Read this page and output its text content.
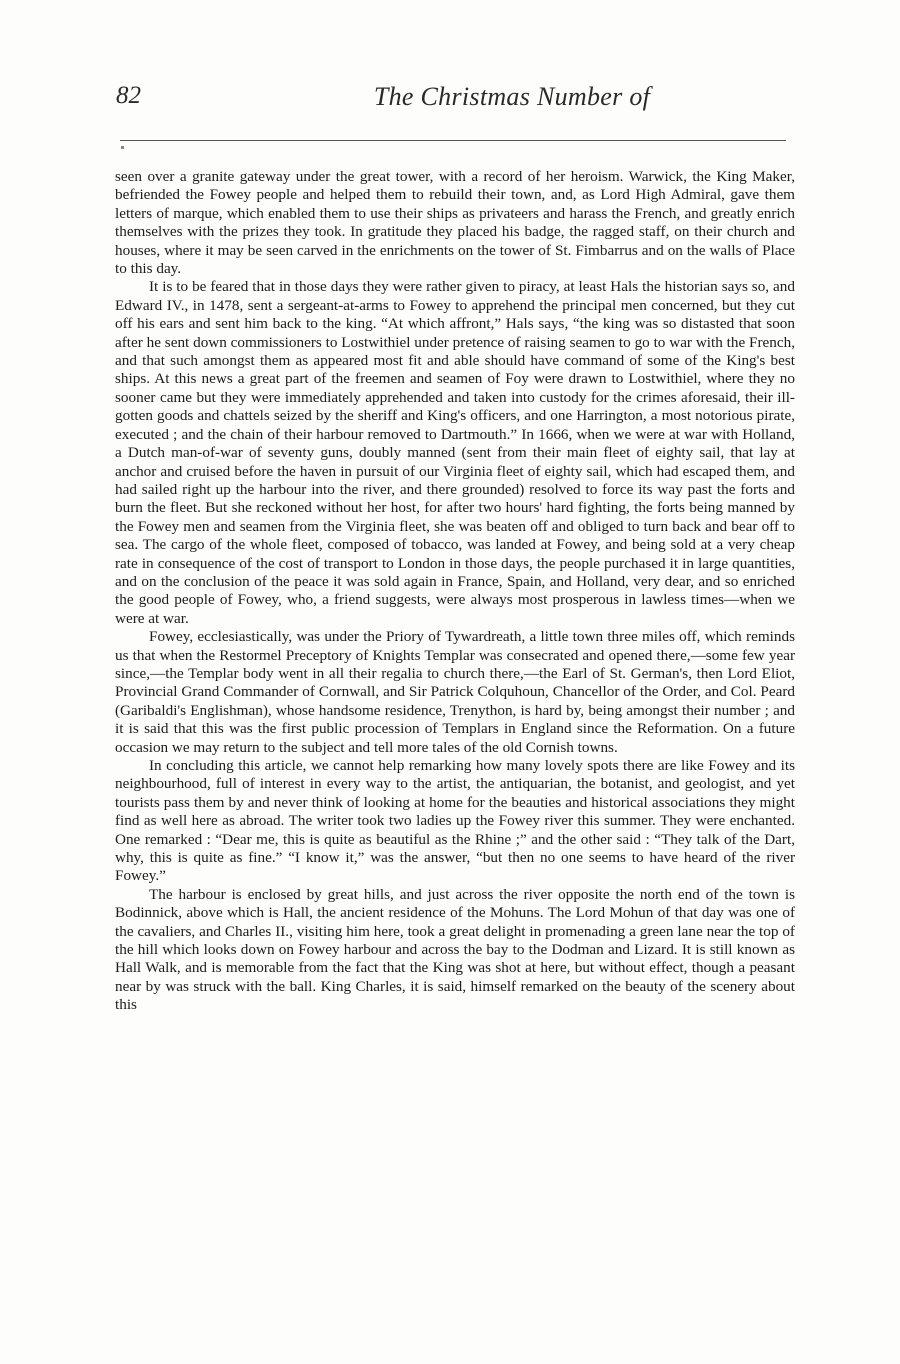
82	The Christmas Number of

seen over a granite gateway under the great tower, with a record of her heroism. Warwick, the King Maker, befriended the Fowey people and helped them to rebuild their town, and, as Lord High Admiral, gave them letters of marque, which enabled them to use their ships as privateers and harass the French, and greatly enrich themselves with the prizes they took. In gratitude they placed his badge, the ragged staff, on their church and houses, where it may be seen carved in the enrichments on the tower of St. Fimbarrus and on the walls of Place to this day.

It is to be feared that in those days they were rather given to piracy, at least Hals the historian says so, and Edward IV., in 1478, sent a sergeant-at-arms to Fowey to apprehend the principal men concerned, but they cut off his ears and sent him back to the king. “At which affront,” Hals says, “the king was so distasted that soon after he sent down commissioners to Lostwithiel under pretence of raising seamen to go to war with the French, and that such amongst them as appeared most fit and able should have command of some of the King's best ships. At this news a great part of the freemen and seamen of Foy were drawn to Lostwithiel, where they no sooner came but they were immediately apprehended and taken into custody for the crimes aforesaid, their ill-gotten goods and chattels seized by the sheriff and King's officers, and one Harrington, a most notorious pirate, executed ; and the chain of their harbour removed to Dartmouth.” In 1666, when we were at war with Holland, a Dutch man-of-war of seventy guns, doubly manned (sent from their main fleet of eighty sail, that lay at anchor and cruised before the haven in pursuit of our Virginia fleet of eighty sail, which had escaped them, and had sailed right up the harbour into the river, and there grounded) resolved to force its way past the forts and burn the fleet. But she reckoned without her host, for after two hours' hard fighting, the forts being manned by the Fowey men and seamen from the Virginia fleet, she was beaten off and obliged to turn back and bear off to sea. The cargo of the whole fleet, composed of tobacco, was landed at Fowey, and being sold at a very cheap rate in consequence of the cost of transport to London in those days, the people purchased it in large quantities, and on the conclusion of the peace it was sold again in France, Spain, and Holland, very dear, and so enriched the good people of Fowey, who, a friend suggests, were always most prosperous in lawless times—when we were at war.

Fowey, ecclesiastically, was under the Priory of Tywardreath, a little town three miles off, which reminds us that when the Restormel Preceptory of Knights Templar was consecrated and opened there,—some few year since,—the Templar body went in all their regalia to church there,—the Earl of St. German's, then Lord Eliot, Provincial Grand Commander of Cornwall, and Sir Patrick Colquhoun, Chancellor of the Order, and Col. Peard (Garibaldi's Englishman), whose handsome residence, Trenython, is hard by, being amongst their number ; and it is said that this was the first public procession of Templars in England since the Reformation. On a future occasion we may return to the subject and tell more tales of the old Cornish towns.

In concluding this article, we cannot help remarking how many lovely spots there are like Fowey and its neighbourhood, full of interest in every way to the artist, the antiquarian, the botanist, and geologist, and yet tourists pass them by and never think of looking at home for the beauties and historical associations they might find as well here as abroad. The writer took two ladies up the Fowey river this summer. They were enchanted. One remarked : “Dear me, this is quite as beautiful as the Rhine ;” and the other said : “They talk of the Dart, why, this is quite as fine.” “I know it,” was the answer, “but then no one seems to have heard of the river Fowey.”

The harbour is enclosed by great hills, and just across the river opposite the north end of the town is Bodinnick, above which is Hall, the ancient residence of the Mohuns. The Lord Mohun of that day was one of the cavaliers, and Charles II., visiting him here, took a great delight in promenading a green lane near the top of the hill which looks down on Fowey harbour and across the bay to the Dodman and Lizard. It is still known as Hall Walk, and is memorable from the fact that the King was shot at here, but without effect, though a peasant near by was struck with the ball. King Charles, it is said, himself remarked on the beauty of the scenery about this
